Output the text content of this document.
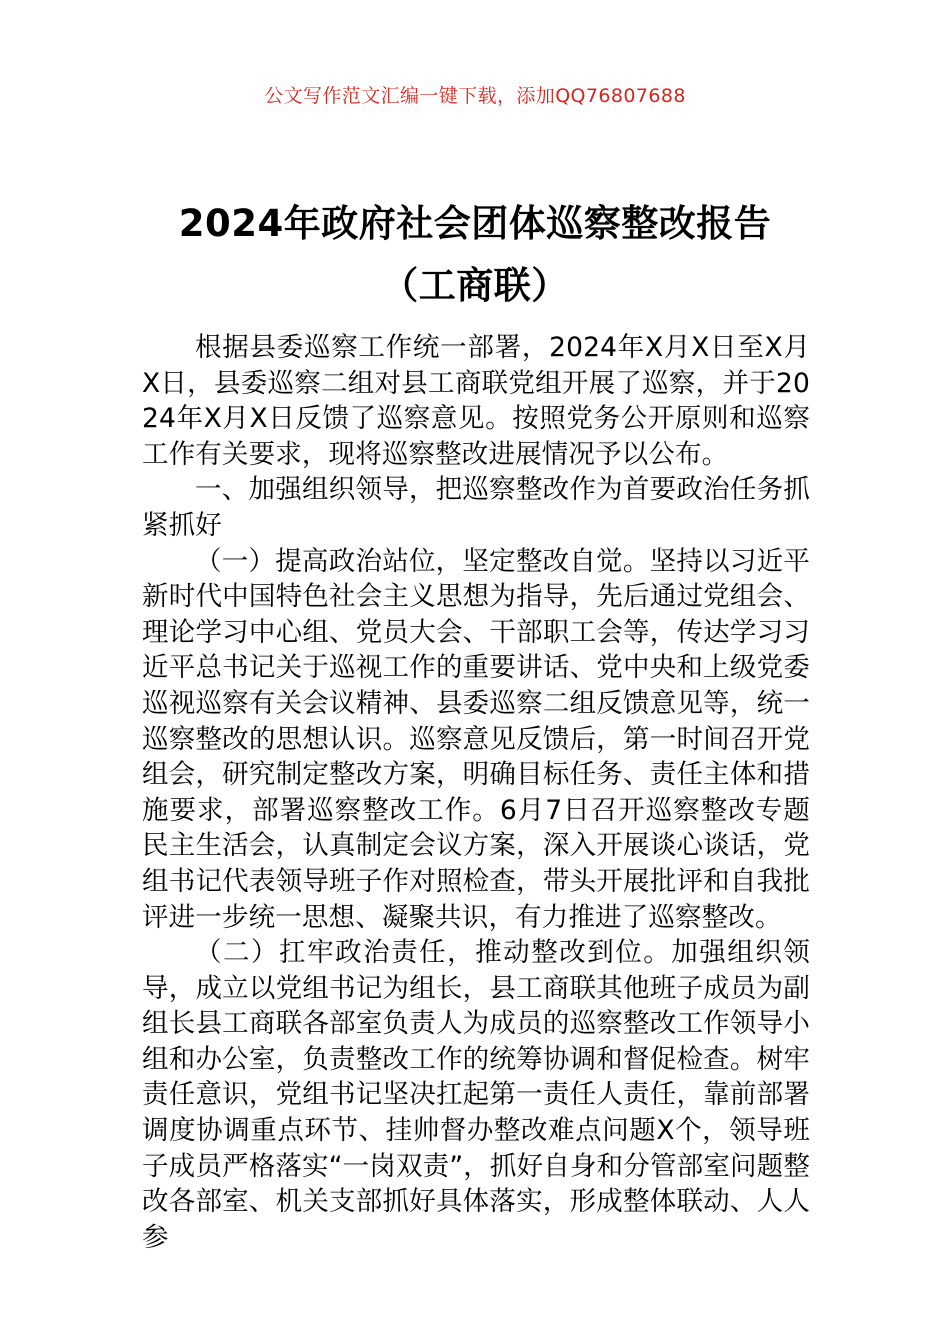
公文写作范文汇编一键下载，添加QQ76807688
2024年政府社会团体巡察整改报告（工商联）

根据县委巡察工作统一部署，2024年X月X日至X月X日，县委巡察二组对县工商联党组开展了巡察，并于2024年X月X日反馈了巡察意见。按照党务公开原则和巡察工作有关要求，现将巡察整改进展情况予以公布。

一、加强组织领导，把巡察整改作为首要政治任务抓紧抓好

（一）提高政治站位，坚定整改自觉。坚持以习近平新时代中国特色社会主义思想为指导，先后通过党组会、理论学习中心组、党员大会、干部职工会等，传达学习习近平总书记关于巡视工作的重要讲话、党中央和上级党委巡视巡察有关会议精神、县委巡察二组反馈意见等，统一巡察整改的思想认识。巡察意见反馈后，第一时间召开党组会，研究制定整改方案，明确目标任务、责任主体和措施要求，部署巡察整改工作。6月7日召开巡察整改专题民主生活会，认真制定会议方案，深入开展谈心谈话，党组书记代表领导班子作对照检查，带头开展批评和自我批评进一步统一思想、凝聚共识，有力推进了巡察整改。

（二）扛牢政治责任，推动整改到位。加强组织领导，成立以党组书记为组长，县工商联其他班子成员为副组长县工商联各部室负责人为成员的巡察整改工作领导小组和办公室，负责整改工作的统筹协调和督促检查。树牢责任意识，党组书记坚决扛起第一责任人责任，靠前部署调度协调重点环节、挂帅督办整改难点问题X个，领导班子成员严格落实“一岗双责”，抓好自身和分管部室问题整改各部室、机关支部抓好具体落实，形成整体联动、人人参
